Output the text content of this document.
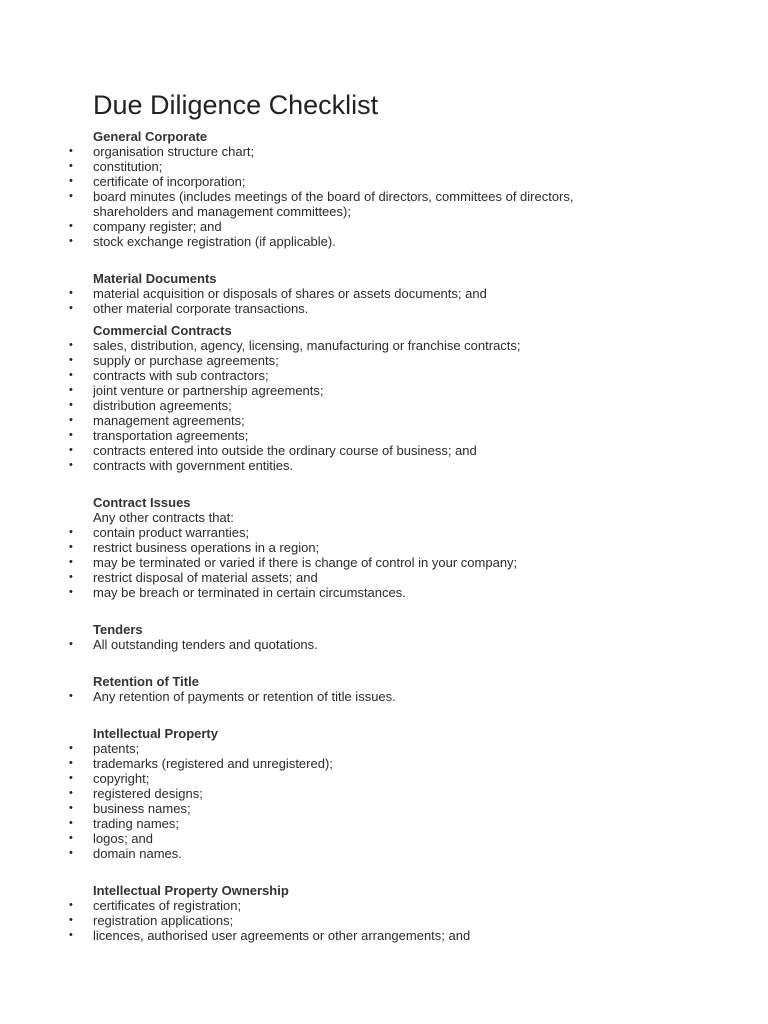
Due Diligence Checklist

General Corporate

• organisation structure chart;
• constitution;
• certificate of incorporation;
• board minutes (includes meetings of the board of directors, committees of directors, shareholders and management committees);
• company register; and
• stock exchange registration (if applicable).

Material Documents

• material acquisition or disposals of shares or assets documents; and
• other material corporate transactions.

Commercial Contracts

• sales, distribution, agency, licensing, manufacturing or franchise contracts;
• supply or purchase agreements;
• contracts with sub contractors;
• joint venture or partnership agreements;
• distribution agreements;
• management agreements;
• transportation agreements;
• contracts entered into outside the ordinary course of business; and
• contracts with government entities.

Contract Issues

Any other contracts that:

• contain product warranties;
• restrict business operations in a region;
• may be terminated or varied if there is change of control in your company;
• restrict disposal of material assets; and
• may be breach or terminated in certain circumstances.

Tenders

• All outstanding tenders and quotations.

Retention of Title

• Any retention of payments or retention of title issues.

Intellectual Property

• patents;
• trademarks (registered and unregistered);
• copyright;
• registered designs;
• business names;
• trading names;
• logos; and
• domain names.

Intellectual Property Ownership

• certificates of registration;
• registration applications;
• licences, authorised user agreements or other arrangements; and
